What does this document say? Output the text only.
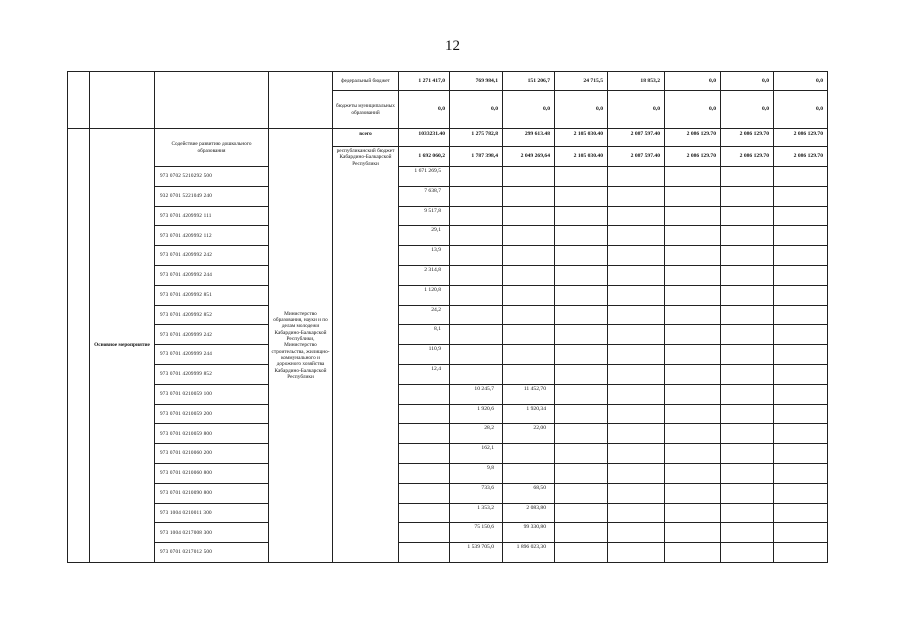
12
				федеральный бюджет	1 271 417,0	769 984,1	151 206,7	24 715,5	18 853,2	0,0	0,0	0,0
				бюджеты муниципальных образований	0,0	0,0	0,0	0,0	0,0	0,0	0,0	0,0
	Основное мероприятие	Содействие развитию дошкольного образования	Министерство образования, науки и по делам молодежи Кабардино-Балкарской Республики, Министерство строительства, жилищно-коммунального и дорожного хозяйства Кабардино-Балкарской Республики	всего	1033231.40	1 275 782,8	299 613.48	2 105 030.40	2 087 597.40	2 086 129.70	2 086 129.70	2 086 129.70
				республиканский бюджет Кабардино-Балкарской Республики	1 692 060,2	1 787 398,4	2 049 269,64	2 105 030.40	2 087 597.40	2 086 129.70	2 086 129.70	2 086 129.70
		973 0702 5210292 500			1 671 269,5							
		932 0701 5221049 240			7 638,7							
		973 0701 4209992 111			9 517,8							
		973 0701 4209992 112			29,1							
		973 0701 4209992 242			13,9							
		973 0701 4209992 244			2 314,8							
		973 0701 4209992 851			1 120,8							
		973 0701 4209992 852			24,2							
		973 0701 4209999 242			8,1							
		973 0701 4209999 244			110,9							
		973 0701 4209999 852			12,4							
		973 0701 0210059 100				10 245,7	11 452,70					
		973 0701 0210059 200				1 920,6	1 920,34					
		973 0701 0210059 800				28,2	22,00					
		973 0701 0210060 200				162,1						
		973 0701 0210060 800				9,8						
		973 0701 0210090 800				733,6	68,50					
		973 1004 0210011 300				1 353,2	2 083,80					
		973 1004 0217008 300				75 150,6	99 330,80					
		973 0701 0217012 500				1 539 705,0	1 896 023,30					
